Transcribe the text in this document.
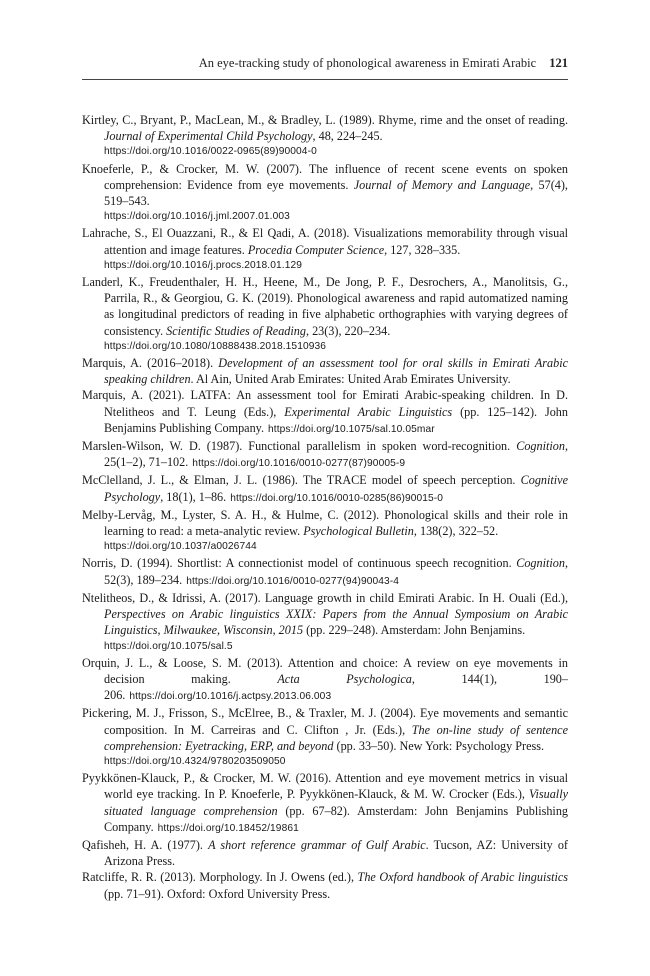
An eye-tracking study of phonological awareness in Emirati Arabic 121

Kirtley, C., Bryant, P., MacLean, M., & Bradley, L. (1989). Rhyme, rime and the onset of reading. Journal of Experimental Child Psychology, 48, 224–245.
https://doi.org/10.1016/0022-0965(89)90004-0

Knoeferle, P., & Crocker, M. W. (2007). The influence of recent scene events on spoken comprehension: Evidence from eye movements. Journal of Memory and Language, 57(4), 519–543.
https://doi.org/10.1016/j.jml.2007.01.003

Lahrache, S., El Ouazzani, R., & El Qadi, A. (2018). Visualizations memorability through visual attention and image features. Procedia Computer Science, 127, 328–335.
https://doi.org/10.1016/j.procs.2018.01.129

Landerl, K., Freudenthaler, H. H., Heene, M., De Jong, P. F., Desrochers, A., Manolitsis, G., Parrila, R., & Georgiou, G. K. (2019). Phonological awareness and rapid automatized naming as longitudinal predictors of reading in five alphabetic orthographies with varying degrees of consistency. Scientific Studies of Reading, 23(3), 220–234.
https://doi.org/10.1080/10888438.2018.1510936

Marquis, A. (2016–2018). Development of an assessment tool for oral skills in Emirati Arabic speaking children. Al Ain, United Arab Emirates: United Arab Emirates University.

Marquis, A. (2021). LATFA: An assessment tool for Emirati Arabic-speaking children. In D. Ntelitheos and T. Leung (Eds.), Experimental Arabic Linguistics (pp. 125–142). John Benjamins Publishing Company. https://doi.org/10.1075/sal.10.05mar

Marslen-Wilson, W. D. (1987). Functional parallelism in spoken word-recognition. Cognition, 25(1–2), 71–102. https://doi.org/10.1016/0010-0277(87)90005-9

McClelland, J. L., & Elman, J. L. (1986). The TRACE model of speech perception. Cognitive Psychology, 18(1), 1–86. https://doi.org/10.1016/0010-0285(86)90015-0

Melby-Lervåg, M., Lyster, S. A. H., & Hulme, C. (2012). Phonological skills and their role in learning to read: a meta-analytic review. Psychological Bulletin, 138(2), 322–52.
https://doi.org/10.1037/a0026744

Norris, D. (1994). Shortlist: A connectionist model of continuous speech recognition. Cognition, 52(3), 189–234. https://doi.org/10.1016/0010-0277(94)90043-4

Ntelitheos, D., & Idrissi, A. (2017). Language growth in child Emirati Arabic. In H. Ouali (Ed.), Perspectives on Arabic linguistics XXIX: Papers from the Annual Symposium on Arabic Linguistics, Milwaukee, Wisconsin, 2015 (pp. 229–248). Amsterdam: John Benjamins.
https://doi.org/10.1075/sal.5

Orquin, J. L., & Loose, S. M. (2013). Attention and choice: A review on eye movements in decision making. Acta Psychologica, 144(1), 190–206. https://doi.org/10.1016/j.actpsy.2013.06.003

Pickering, M. J., Frisson, S., McElree, B., & Traxler, M. J. (2004). Eye movements and semantic composition. In M. Carreiras and C. Clifton , Jr. (Eds.), The on-line study of sentence comprehension: Eyetracking, ERP, and beyond (pp. 33–50). New York: Psychology Press.
https://doi.org/10.4324/9780203509050

Pyykkönen-Klauck, P., & Crocker, M. W. (2016). Attention and eye movement metrics in visual world eye tracking. In P. Knoeferle, P. Pyykkönen-Klauck, & M. W. Crocker (Eds.), Visually situated language comprehension (pp. 67–82). Amsterdam: John Benjamins Publishing Company. https://doi.org/10.18452/19861

Qafisheh, H. A. (1977). A short reference grammar of Gulf Arabic. Tucson, AZ: University of Arizona Press.

Ratcliffe, R. R. (2013). Morphology. In J. Owens (ed.), The Oxford handbook of Arabic linguistics (pp. 71–91). Oxford: Oxford University Press.
